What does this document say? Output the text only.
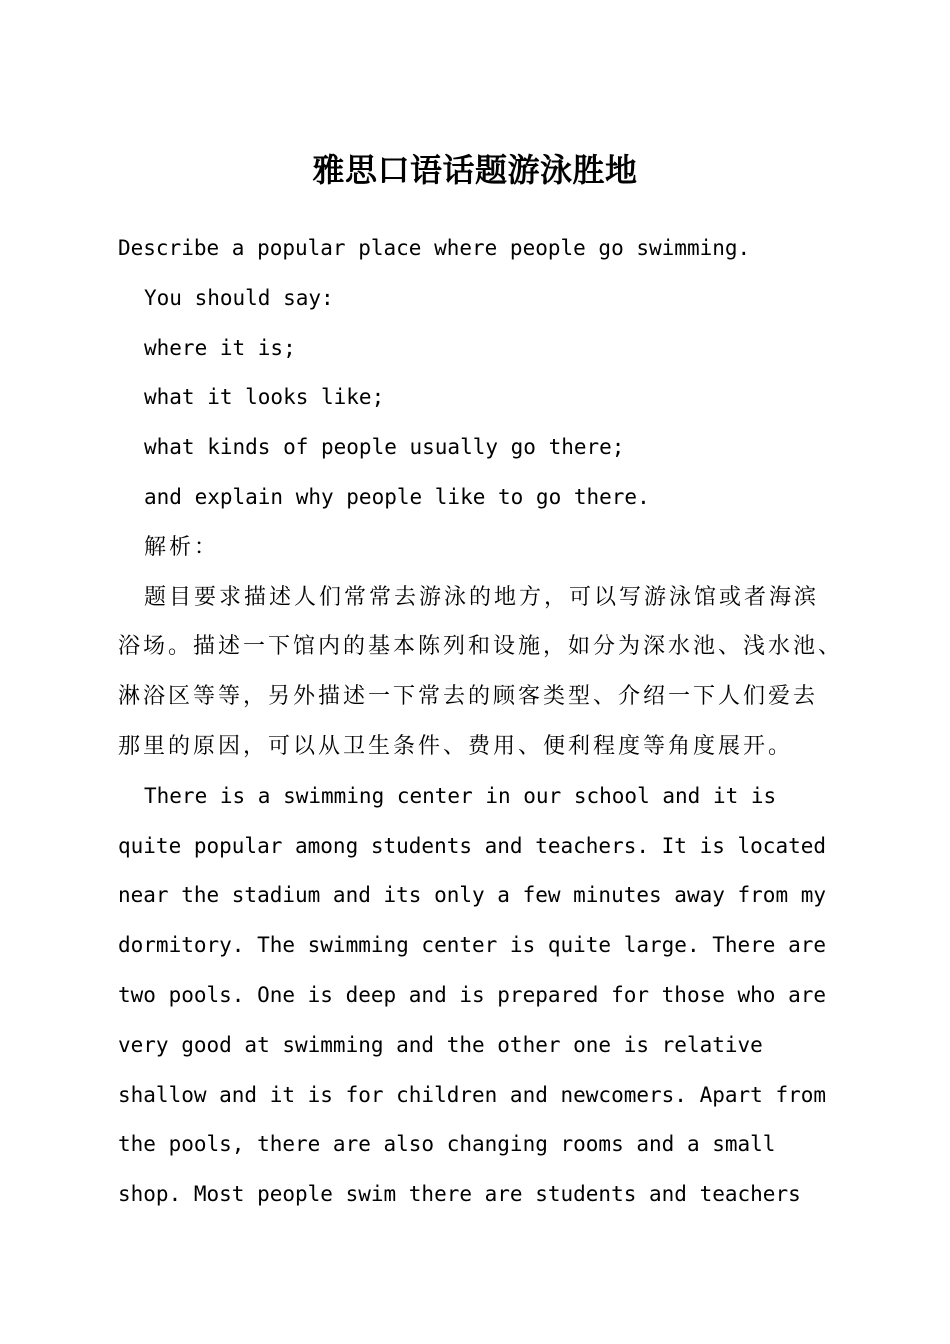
雅思口语话题游泳胜地

Describe a popular place where people go swimming.

You should say:

where it is;

what it looks like;

what kinds of people usually go there;

and explain why people like to go there.

解析：

题目要求描述人们常常去游泳的地方，可以写游泳馆或者海滨

浴场。描述一下馆内的基本陈列和设施，如分为深水池、浅水池、

淋浴区等等，另外描述一下常去的顾客类型、介绍一下人们爱去

那里的原因，可以从卫生条件、费用、便利程度等角度展开。

There is a swimming center in our school and it is

quite popular among students and teachers. It is located

near the stadium and its only a few minutes away from my

dormitory. The swimming center is quite large. There are

two pools. One is deep and is prepared for those who are

very good at swimming and the other one is relative

shallow and it is for children and newcomers. Apart from

the pools, there are also changing rooms and a small

shop. Most people swim there are students and teachers
